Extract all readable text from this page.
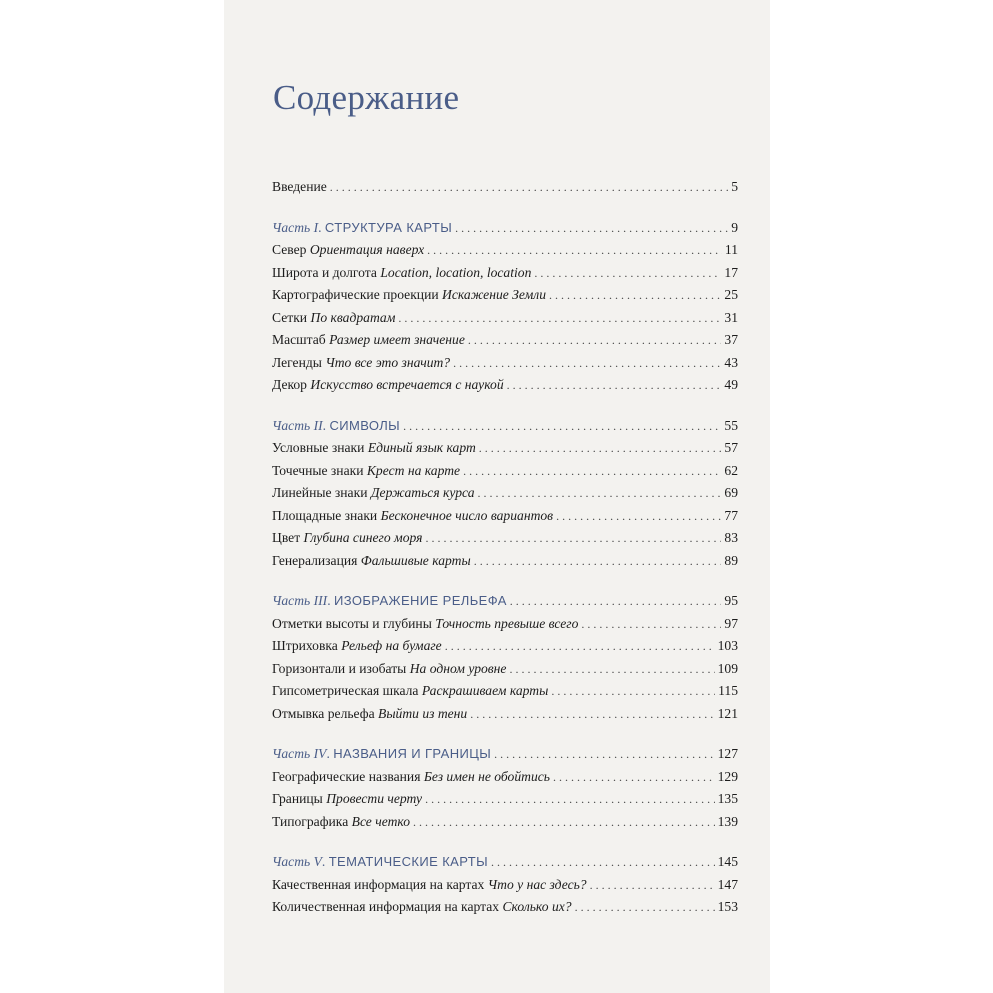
Содержание
Введение . . .	5
Часть I. СТРУКТУРА КАРТЫ . . .	9
Север Ориентация наверх . . .	11
Широта и долгота Location, location, location . . .	17
Картографические проекции Искажение Земли . . .	25
Сетки По квадратам . . .	31
Масштаб Размер имеет значение . . .	37
Легенды Что все это значит? . . .	43
Декор Искусство встречается с наукой . . .	49
Часть II. СИМВОЛЫ . . .	55
Условные знаки Единый язык карт . . .	57
Точечные знаки Крест на карте . . .	62
Линейные знаки Держаться курса . . .	69
Площадные знаки Бесконечное число вариантов . . .	77
Цвет Глубина синего моря . . .	83
Генерализация Фальшивые карты . . .	89
Часть III. ИЗОБРАЖЕНИЕ РЕЛЬЕФА . . .	95
Отметки высоты и глубины Точность превыше всего . . .	97
Штриховка Рельеф на бумаге . . .	103
Горизонтали и изобаты На одном уровне . . .	109
Гипсометрическая шкала Раскрашиваем карты . . .	115
Отмывка рельефа Выйти из тени . . .	121
Часть IV. НАЗВАНИЯ И ГРАНИЦЫ . . .	127
Географические названия Без имен не обойтись . . .	129
Границы Провести черту . . .	135
Типографика Все четко . . .	139
Часть V. ТЕМАТИЧЕСКИЕ КАРТЫ . . .	145
Качественная информация на картах Что у нас здесь? . . .	147
Количественная информация на картах Сколько их? . . .	153
